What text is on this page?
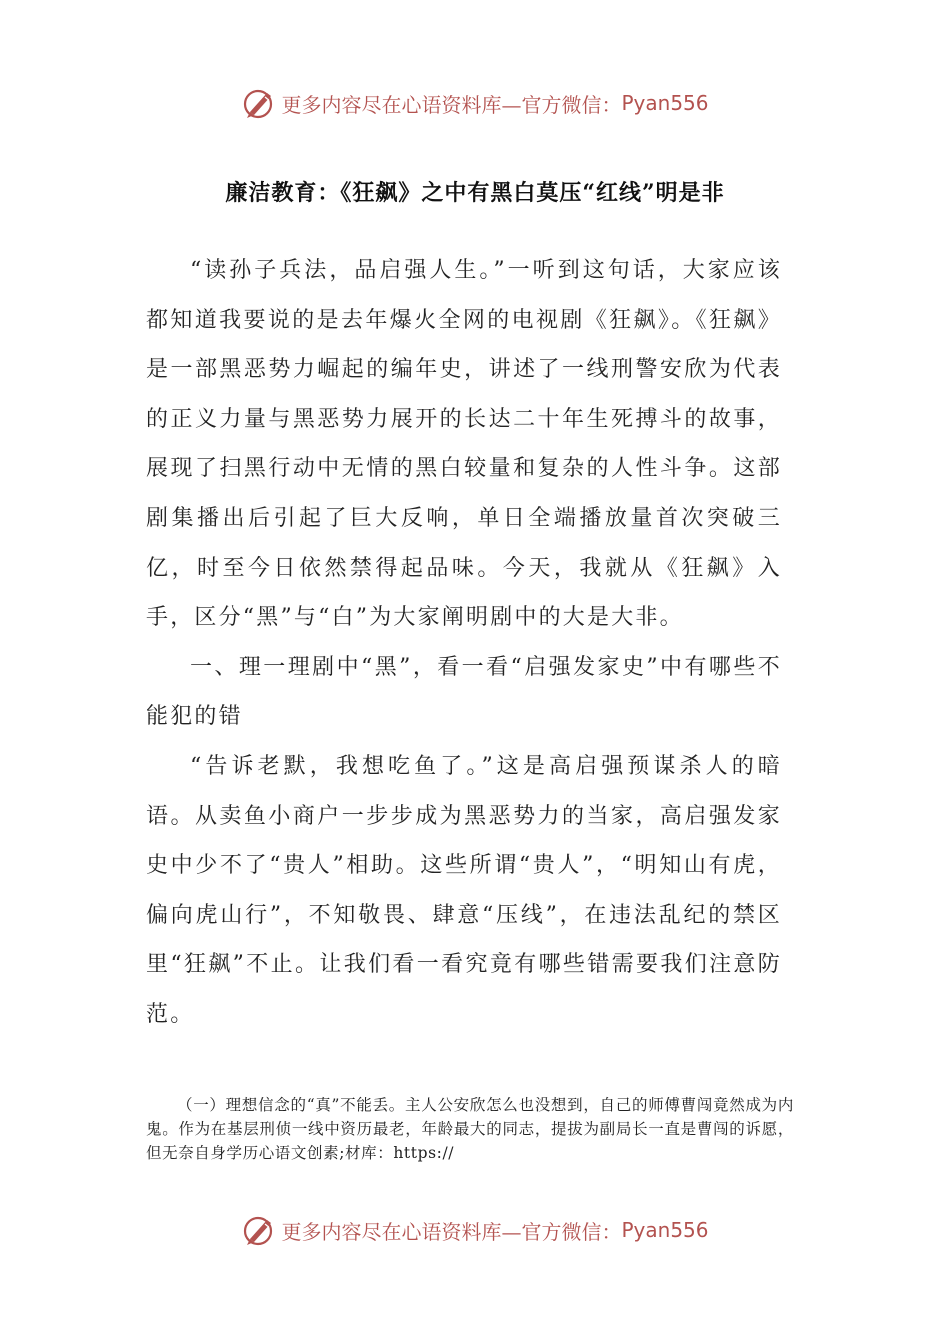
更多内容尽在心语资料库—官方微信： Pyan556
廉洁教育：《狂飙》之中有黑白莫压“红线”明是非

“读孙子兵法，品启强人生。”一听到这句话，大家应该都知道我要说的是去年爆火全网的电视剧《狂飙》。《狂飙》是一部黑恶势力崛起的编年史，讲述了一线刑警安欣为代表的正义力量与黑恶势力展开的长达二十年生死搏斗的故事，展现了扫黑行动中无情的黑白较量和复杂的人性斗争。这部剧集播出后引起了巨大反响，单日全端播放量首次突破三亿，时至今日依然禁得起品味。今天，我就从《狂飙》入手，区分“黑”与“白”为大家阐明剧中的大是大非。

一、理一理剧中“黑”，看一看“启强发家史”中有哪些不能犯的错

“告诉老默，我想吃鱼了。”这是高启强预谋杀人的暗语。从卖鱼小商户一步步成为黑恶势力的当家，高启强发家史中少不了“贵人”相助。这些所谓“贵人”，“明知山有虎，偏向虎山行”，不知敬畏、肆意“压线”，在违法乱纪的禁区里“狂飙”不止。让我们看一看究竟有哪些错需要我们注意防范。

（一）理想信念的“真”不能丢。主人公安欣怎么也没想到，自己的师傅曹闯竟然成为内鬼。作为在基层刑侦一线中资历最老，年龄最大的同志，提拔为副局长一直是曹闯的诉愿，但无奈自身学历心语文创素;材库：https://

更多内容尽在心语资料库—官方微信： Pyan556
